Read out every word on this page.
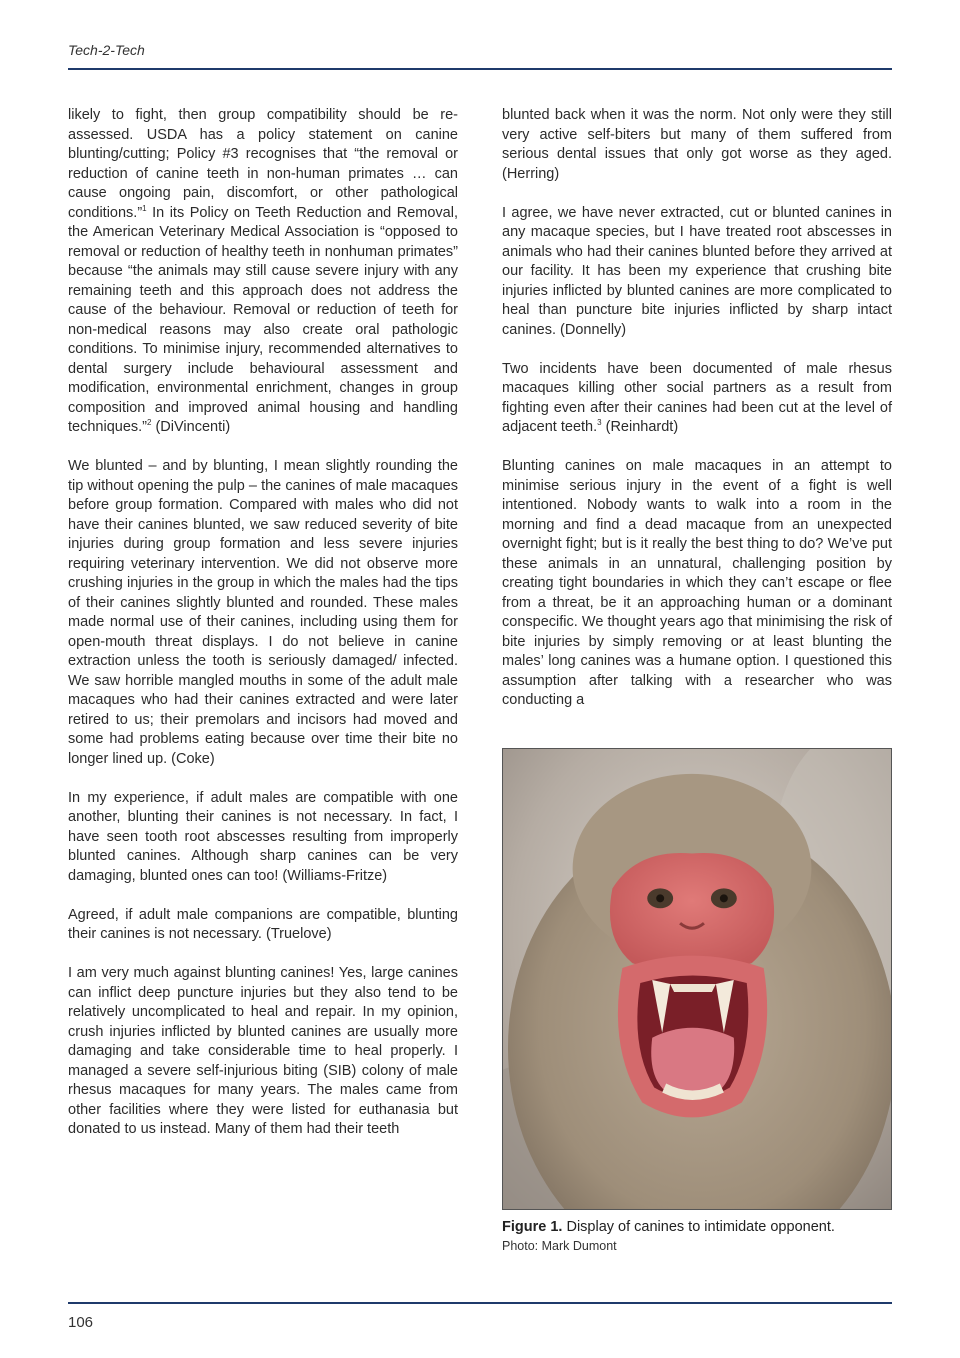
Tech-2-Tech

likely to fight, then group compatibility should be re-assessed. USDA has a policy statement on canine blunting/cutting; Policy #3 recognises that “the removal or reduction of canine teeth in non-human primates … can cause ongoing pain, discomfort, or other pathological conditions.”$^1$ In its Policy on Teeth Reduction and Removal, the American Veterinary Medical Association is “opposed to removal or reduction of healthy teeth in nonhuman primates” because “the animals may still cause severe injury with any remaining teeth and this approach does not address the cause of the behaviour. Removal or reduction of teeth for non-medical reasons may also create oral pathologic conditions. To minimise injury, recommended alternatives to dental surgery include behavioural assessment and modification, environmental enrichment, changes in group composition and improved animal housing and handling techniques.”$^2$ (DiVincenti)

We blunted – and by blunting, I mean slightly rounding the tip without opening the pulp – the canines of male macaques before group formation. Compared with males who did not have their canines blunted, we saw reduced severity of bite injuries during group formation and less severe injuries requiring veterinary intervention. We did not observe more crushing injuries in the group in which the males had the tips of their canines slightly blunted and rounded. These males made normal use of their canines, including using them for open-mouth threat displays. I do not believe in canine extraction unless the tooth is seriously damaged/ infected. We saw horrible mangled mouths in some of the adult male macaques who had their canines extracted and were later retired to us; their premolars and incisors had moved and some had problems eating because over time their bite no longer lined up. (Coke)

In my experience, if adult males are compatible with one another, blunting their canines is not necessary. In fact, I have seen tooth root abscesses resulting from improperly blunted canines. Although sharp canines can be very damaging, blunted ones can too! (Williams-Fritze)

Agreed, if adult male companions are compatible, blunting their canines is not necessary. (Truelove)

I am very much against blunting canines! Yes, large canines can inflict deep puncture injuries but they also tend to be relatively uncomplicated to heal and repair. In my opinion, crush injuries inflicted by blunted canines are usually more damaging and take considerable time to heal properly. I managed a severe self-injurious biting (SIB) colony of male rhesus macaques for many years. The males came from other facilities where they were listed for euthanasia but donated to us instead. Many of them had their teeth

blunted back when it was the norm. Not only were they still very active self-biters but many of them suffered from serious dental issues that only got worse as they aged. (Herring)

I agree, we have never extracted, cut or blunted canines in any macaque species, but I have treated root abscesses in animals who had their canines blunted before they arrived at our facility. It has been my experience that crushing bite injuries inflicted by blunted canines are more complicated to heal than puncture bite injuries inflicted by sharp intact canines. (Donnelly)

Two incidents have been documented of male rhesus macaques killing other social partners as a result from fighting even after their canines had been cut at the level of adjacent teeth.$^3$ (Reinhardt)

Blunting canines on male macaques in an attempt to minimise serious injury in the event of a fight is well intentioned. Nobody wants to walk into a room in the morning and find a dead macaque from an unexpected overnight fight; but is it really the best thing to do? We’ve put these animals in an unnatural, challenging position by creating tight boundaries in which they can’t escape or flee from a threat, be it an approaching human or a dominant conspecific. We thought years ago that minimising the risk of bite injuries by simply removing or at least blunting the males’ long canines was a humane option. I questioned this assumption after talking with a researcher who was conducting a

Figure 1. Display of canines to intimidate opponent.
Photo: Mark Dumont
106
